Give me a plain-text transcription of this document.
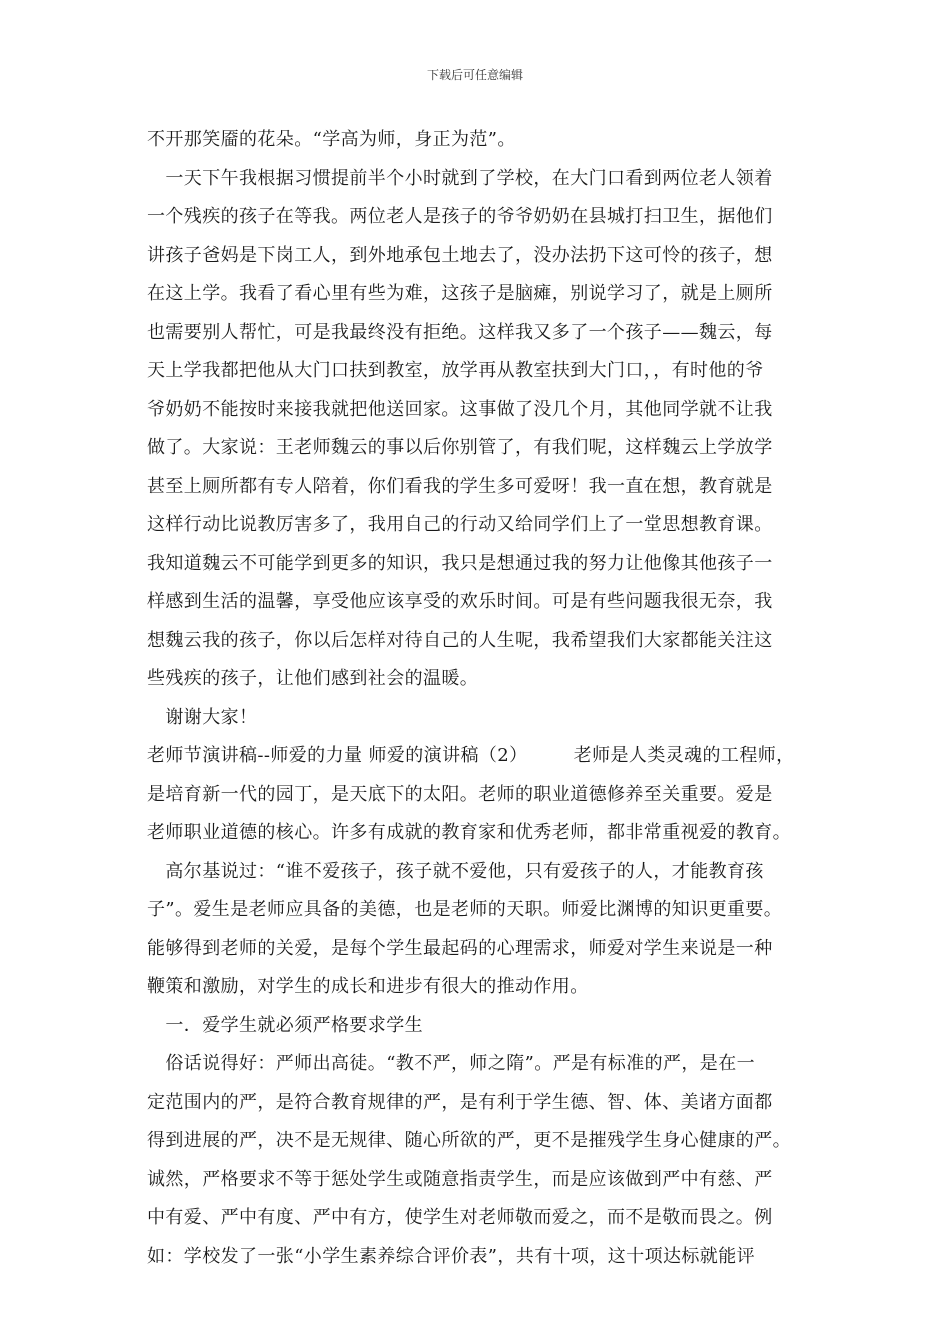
下载后可任意编辑
不开那笑靥的花朵。“学高为师，身正为范”。
　一天下午我根据习惯提前半个小时就到了学校，在大门口看到两位老人领着
一个残疾的孩子在等我。两位老人是孩子的爷爷奶奶在县城打扫卫生，据他们
讲孩子爸妈是下岗工人，到外地承包土地去了，没办法扔下这可怜的孩子，想
在这上学。我看了看心里有些为难，这孩子是脑瘫，别说学习了，就是上厕所
也需要别人帮忙，可是我最终没有拒绝。这样我又多了一个孩子——魏云，每
天上学我都把他从大门口扶到教室，放学再从教室扶到大门口，，有时他的爷
爷奶奶不能按时来接我就把他送回家。这事做了没几个月，其他同学就不让我
做了。大家说：王老师魏云的事以后你别管了，有我们呢，这样魏云上学放学
甚至上厕所都有专人陪着，你们看我的学生多可爱呀！我一直在想，教育就是
这样行动比说教厉害多了，我用自己的行动又给同学们上了一堂思想教育课。
我知道魏云不可能学到更多的知识，我只是想通过我的努力让他像其他孩子一
样感到生活的温馨，享受他应该享受的欢乐时间。可是有些问题我很无奈，我
想魏云我的孩子，你以后怎样对待自己的人生呢，我希望我们大家都能关注这
些残疾的孩子，让他们感到社会的温暖。
　谢谢大家！
老师节演讲稿--师爱的力量 师爱的演讲稿（2）　　　老师是人类灵魂的工程师，
是培育新一代的园丁，是天底下的太阳。老师的职业道德修养至关重要。爱是
老师职业道德的核心。许多有成就的教育家和优秀老师，都非常重视爱的教育。
　高尔基说过：“谁不爱孩子，孩子就不爱他，只有爱孩子的人，才能教育孩
子”。爱生是老师应具备的美德，也是老师的天职。师爱比渊博的知识更重要。
能够得到老师的关爱，是每个学生最起码的心理需求，师爱对学生来说是一种
鞭策和激励，对学生的成长和进步有很大的推动作用。
　一．爱学生就必须严格要求学生
　俗话说得好：严师出高徒。“教不严，师之隋”。严是有标准的严，是在一
定范围内的严，是符合教育规律的严，是有利于学生德、智、体、美诸方面都
得到进展的严，决不是无规律、随心所欲的严，更不是摧残学生身心健康的严。
诚然，严格要求不等于惩处学生或随意指责学生，而是应该做到严中有慈、严
中有爱、严中有度、严中有方，使学生对老师敬而爱之，而不是敬而畏之。例
如：学校发了一张“小学生素养综合评价表”，共有十项，这十项达标就能评
